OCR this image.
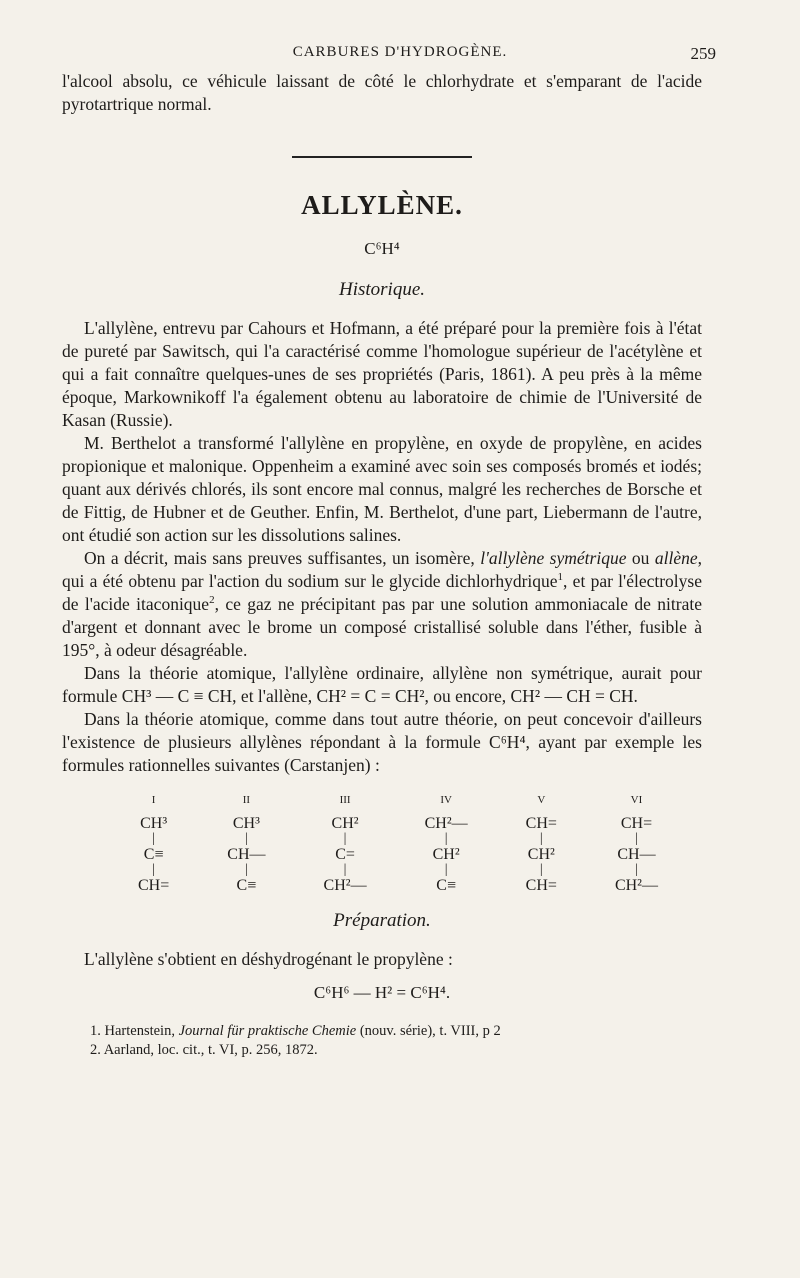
CARBURES D'HYDROGÈNE.	259

l'alcool absolu, ce véhicule laissant de côté le chlorhydrate et s'emparant de l'acide pyrotartrique normal.

ALLYLÈNE.
C⁶H⁴
Historique.

L'allylène, entrevu par Cahours et Hofmann, a été préparé pour la première fois à l'état de pureté par Sawitsch, qui l'a caractérisé comme l'homologue supérieur de l'acétylène et qui a fait connaître quelques-unes de ses propriétés (Paris, 1861). A peu près à la même époque, Markownikoff l'a également obtenu au laboratoire de chimie de l'Université de Kasan (Russie).

M. Berthelot a transformé l'allylène en propylène, en oxyde de propylène, en acides propionique et malonique. Oppenheim a examiné avec soin ses composés bromés et iodés; quant aux dérivés chlorés, ils sont encore mal connus, malgré les recherches de Borsche et de Fittig, de Hubner et de Geuther. Enfin, M. Berthelot, d'une part, Liebermann de l'autre, ont étudié son action sur les dissolutions salines.

On a décrit, mais sans preuves suffisantes, un isomère, l'allylène symétrique ou allène, qui a été obtenu par l'action du sodium sur le glycide dichlorhydrique$^1$, et par l'électrolyse de l'acide itaconique$^2$, ce gaz ne précipitant pas par une solution ammoniacale de nitrate d'argent et donnant avec le brome un composé cristallisé soluble dans l'éther, fusible à 195°, à odeur désagréable.

Dans la théorie atomique, l'allylène ordinaire, allylène non symétrique, aurait pour formule CH³ — C ≡ CH, et l'allène, CH² = C = CH², ou encore, CH² — CH = CH.

Dans la théorie atomique, comme dans tout autre théorie, on peut concevoir d'ailleurs l'existence de plusieurs allylènes répondant à la formule C⁶H⁴, ayant par exemple les formules rationnelles suivantes (Carstanjen) :

I
CH³
|
C≡
|
CH=
II
CH³
|
CH—
|
C≡
III
CH²
|
C=
|
CH²—
IV
CH²—
|
CH²
|
C≡
V
CH=
|
CH²
|
CH=
VI
CH=
|
CH—
|
CH²—
Préparation.

L'allylène s'obtient en déshydrogénant le propylène :

C⁶H⁶ — H² = C⁶H⁴.
1. Hartenstein, Journal für praktische Chemie (nouv. série), t. VIII, p 2
2. Aarland, loc. cit., t. VI, p. 256, 1872.
